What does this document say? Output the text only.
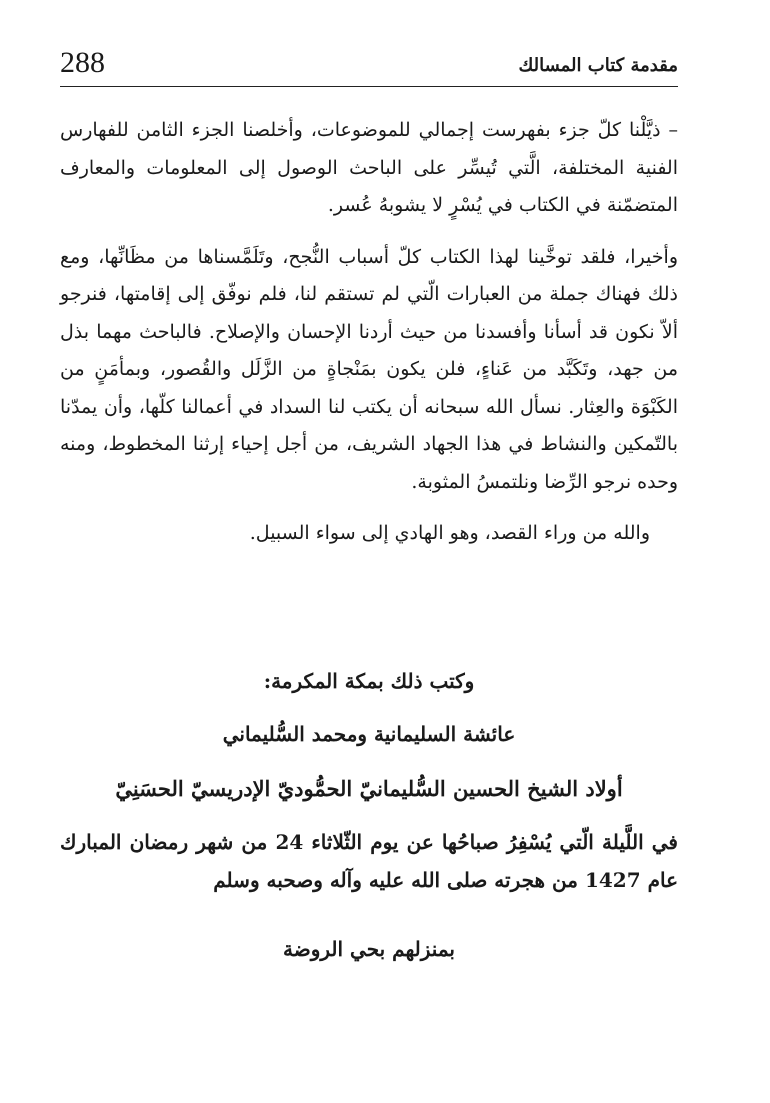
288	مقدمة كتاب المسالك

– ذيَّلْنا كلّ جزء بفهرست إجمالي للموضوعات، وأخلصنا الجزء الثامن للفهارس الفنية المختلفة، الَّتي تُيسِّر على الباحث الوصول إلى المعلومات والمعارف المتضمّنة في الكتاب في يُسْرٍ لا يشوبهُ عُسر.

وأخيرا، فلقد توخَّينا لهذا الكتاب كلّ أسباب النُّجح، وتَلَمَّسناها من مظَانِّها، ومع ذلك فهناك جملة من العبارات الّتي لم تستقم لنا، فلم نوفّق إلى إقامتها، فنرجو ألاّ نكون قد أسأنا وأفسدنا من حيث أردنا الإحسان والإصلاح. فالباحث مهما بذل من جهد، وتَكَبَّد من عَناءٍ، فلن يكون بمَنْجاةٍ من الزَّلَل والقُصور، وبمأمَنٍ من الكَبْوَة والعِثار. نسأل الله سبحانه أن يكتب لنا السداد في أعمالنا كلّها، وأن يمدّنا بالتّمكين والنشاط في هذا الجهاد الشريف، من أجل إحياء إرثنا المخطوط، ومنه وحده نرجو الرِّضا ونلتمسُ المثوبة.

والله من وراء القصد، وهو الهادي إلى سواء السبيل.

وكتب ذلك بمكة المكرمة:
عائشة السليمانية ومحمد السُّليماني
أولاد الشيخ الحسين السُّليمانيّ الحمُّوديّ الإدريسيّ الحسَنِيّ
في اللَّيلة الّتي يُسْفِرُ صباحُها عن يوم الثّلاثاء 24 من شهر رمضان المبارك عام 1427 من هجرته صلى الله عليه وآله وصحبه وسلم
بمنزلهم بحي الروضة
